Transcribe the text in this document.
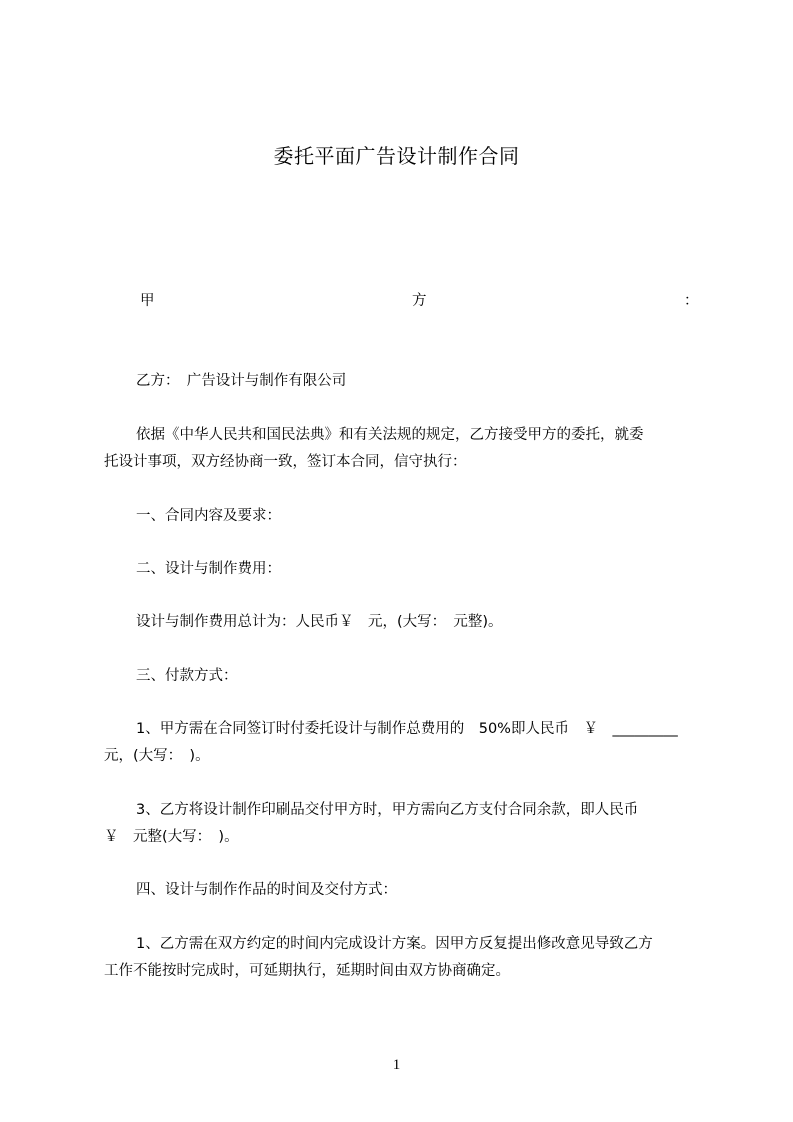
委托平面广告设计制作合同
甲	方	：
乙方：　广告设计与制作有限公司
依据《中华人民共和国民法典》和有关法规的规定，乙方接受甲方的委托，就委
托设计事项，双方经协商一致，签订本合同，信守执行：
一、合同内容及要求：
二、设计与制作费用：
设计与制作费用总计为：人民币￥　元，(大写：　元整)。
三、付款方式：
1、甲方需在合同签订时付委托设计与制作总费用的　50%即人民币　￥　_________
元，(大写：　)。
3、乙方将设计制作印刷品交付甲方时，甲方需向乙方支付合同余款，即人民币
￥　元整(大写：　)。
四、设计与制作作品的时间及交付方式：
1、乙方需在双方约定的时间内完成设计方案。因甲方反复提出修改意见导致乙方
工作不能按时完成时，可延期执行，延期时间由双方协商确定。
1
